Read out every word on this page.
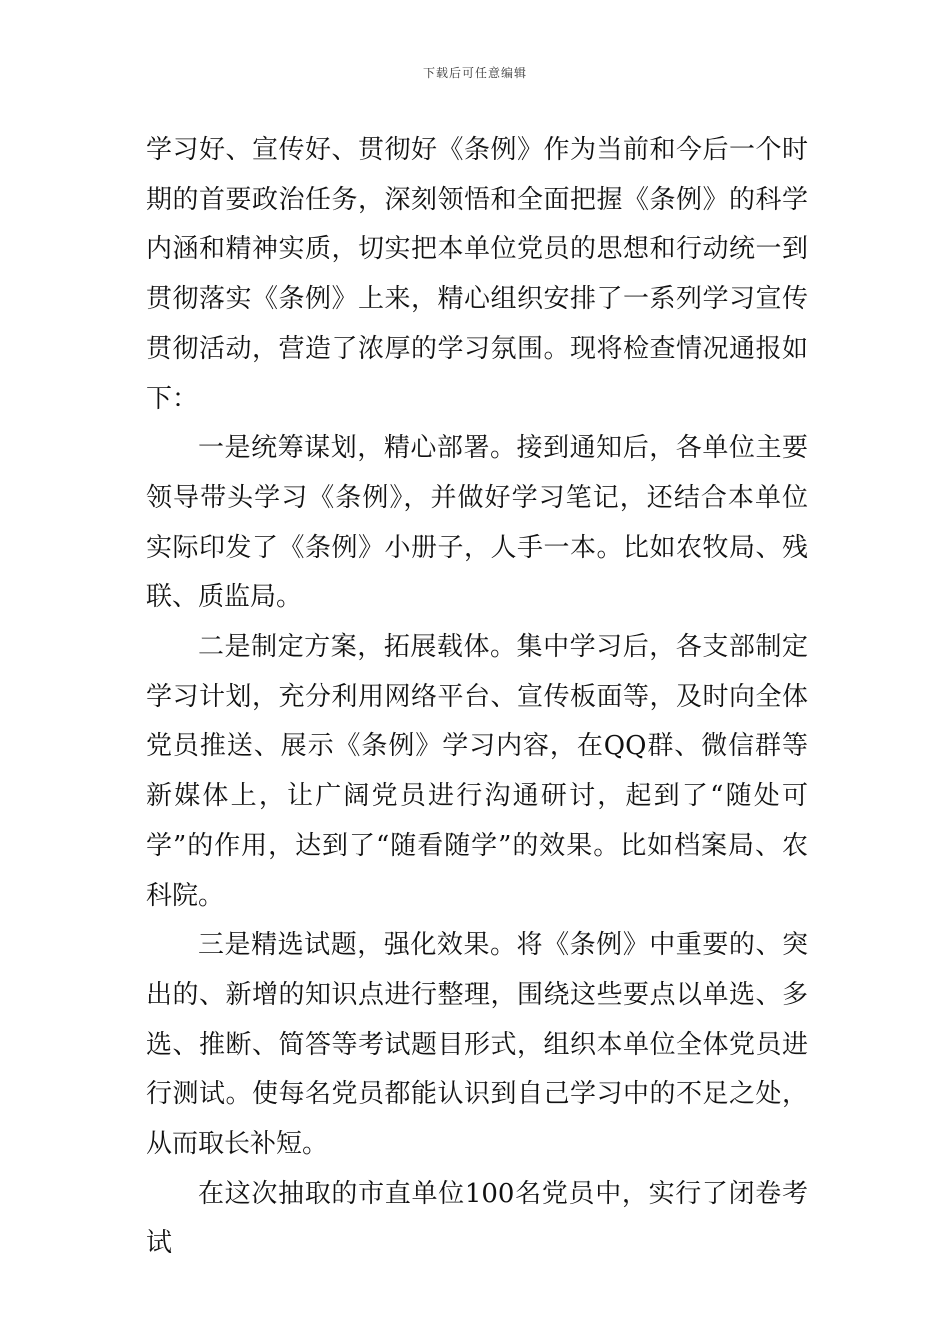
下载后可任意编辑

学习好、宣传好、贯彻好《条例》作为当前和今后一个时期的首要政治任务，深刻领悟和全面把握《条例》的科学内涵和精神实质，切实把本单位党员的思想和行动统一到贯彻落实《条例》上来，精心组织安排了一系列学习宣传贯彻活动，营造了浓厚的学习氛围。现将检查情况通报如下：

一是统筹谋划，精心部署。接到通知后，各单位主要领导带头学习《条例》，并做好学习笔记，还结合本单位实际印发了《条例》小册子，人手一本。比如农牧局、残联、质监局。

二是制定方案，拓展载体。集中学习后，各支部制定学习计划，充分利用网络平台、宣传板面等，及时向全体党员推送、展示《条例》学习内容，在QQ群、微信群等新媒体上，让广阔党员进行沟通研讨，起到了“随处可学”的作用，达到了“随看随学”的效果。比如档案局、农科院。

三是精选试题，强化效果。将《条例》中重要的、突出的、新增的知识点进行整理，围绕这些要点以单选、多选、推断、简答等考试题目形式，组织本单位全体党员进行测试。使每名党员都能认识到自己学习中的不足之处，从而取长补短。

在这次抽取的市直单位100名党员中，实行了闭卷考试
